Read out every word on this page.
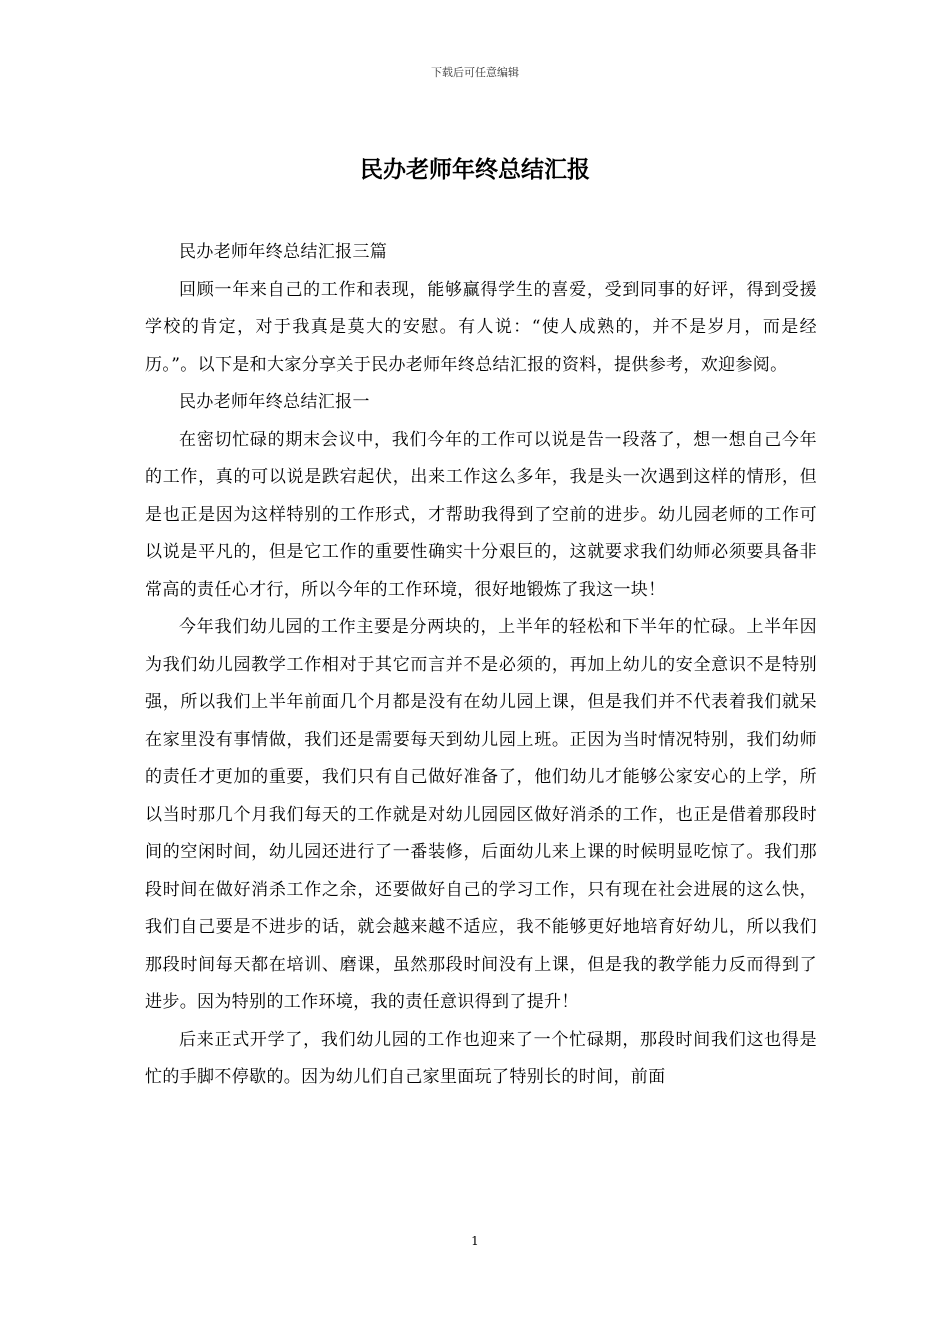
下载后可任意编辑
民办老师年终总结汇报

民办老师年终总结汇报三篇

回顾一年来自己的工作和表现，能够赢得学生的喜爱，受到同事的好评，得到受援学校的肯定，对于我真是莫大的安慰。有人说：“使人成熟的，并不是岁月，而是经历。”。以下是和大家分享关于民办老师年终总结汇报的资料，提供参考，欢迎参阅。

民办老师年终总结汇报一

在密切忙碌的期末会议中，我们今年的工作可以说是告一段落了，想一想自己今年的工作，真的可以说是跌宕起伏，出来工作这么多年，我是头一次遇到这样的情形，但是也正是因为这样特别的工作形式，才帮助我得到了空前的进步。幼儿园老师的工作可以说是平凡的，但是它工作的重要性确实十分艰巨的，这就要求我们幼师必须要具备非常高的责任心才行，所以今年的工作环境，很好地锻炼了我这一块！

今年我们幼儿园的工作主要是分两块的，上半年的轻松和下半年的忙碌。上半年因为我们幼儿园教学工作相对于其它而言并不是必须的，再加上幼儿的安全意识不是特别强，所以我们上半年前面几个月都是没有在幼儿园上课，但是我们并不代表着我们就呆在家里没有事情做，我们还是需要每天到幼儿园上班。正因为当时情况特别，我们幼师的责任才更加的重要，我们只有自己做好准备了，他们幼儿才能够公家安心的上学，所以当时那几个月我们每天的工作就是对幼儿园园区做好消杀的工作，也正是借着那段时间的空闲时间，幼儿园还进行了一番装修，后面幼儿来上课的时候明显吃惊了。我们那段时间在做好消杀工作之余，还要做好自己的学习工作，只有现在社会进展的这么快，我们自己要是不进步的话，就会越来越不适应，我不能够更好地培育好幼儿，所以我们那段时间每天都在培训、磨课，虽然那段时间没有上课，但是我的教学能力反而得到了进步。因为特别的工作环境，我的责任意识得到了提升！

后来正式开学了，我们幼儿园的工作也迎来了一个忙碌期，那段时间我们这也得是忙的手脚不停歇的。因为幼儿们自己家里面玩了特别长的时间，前面

1
